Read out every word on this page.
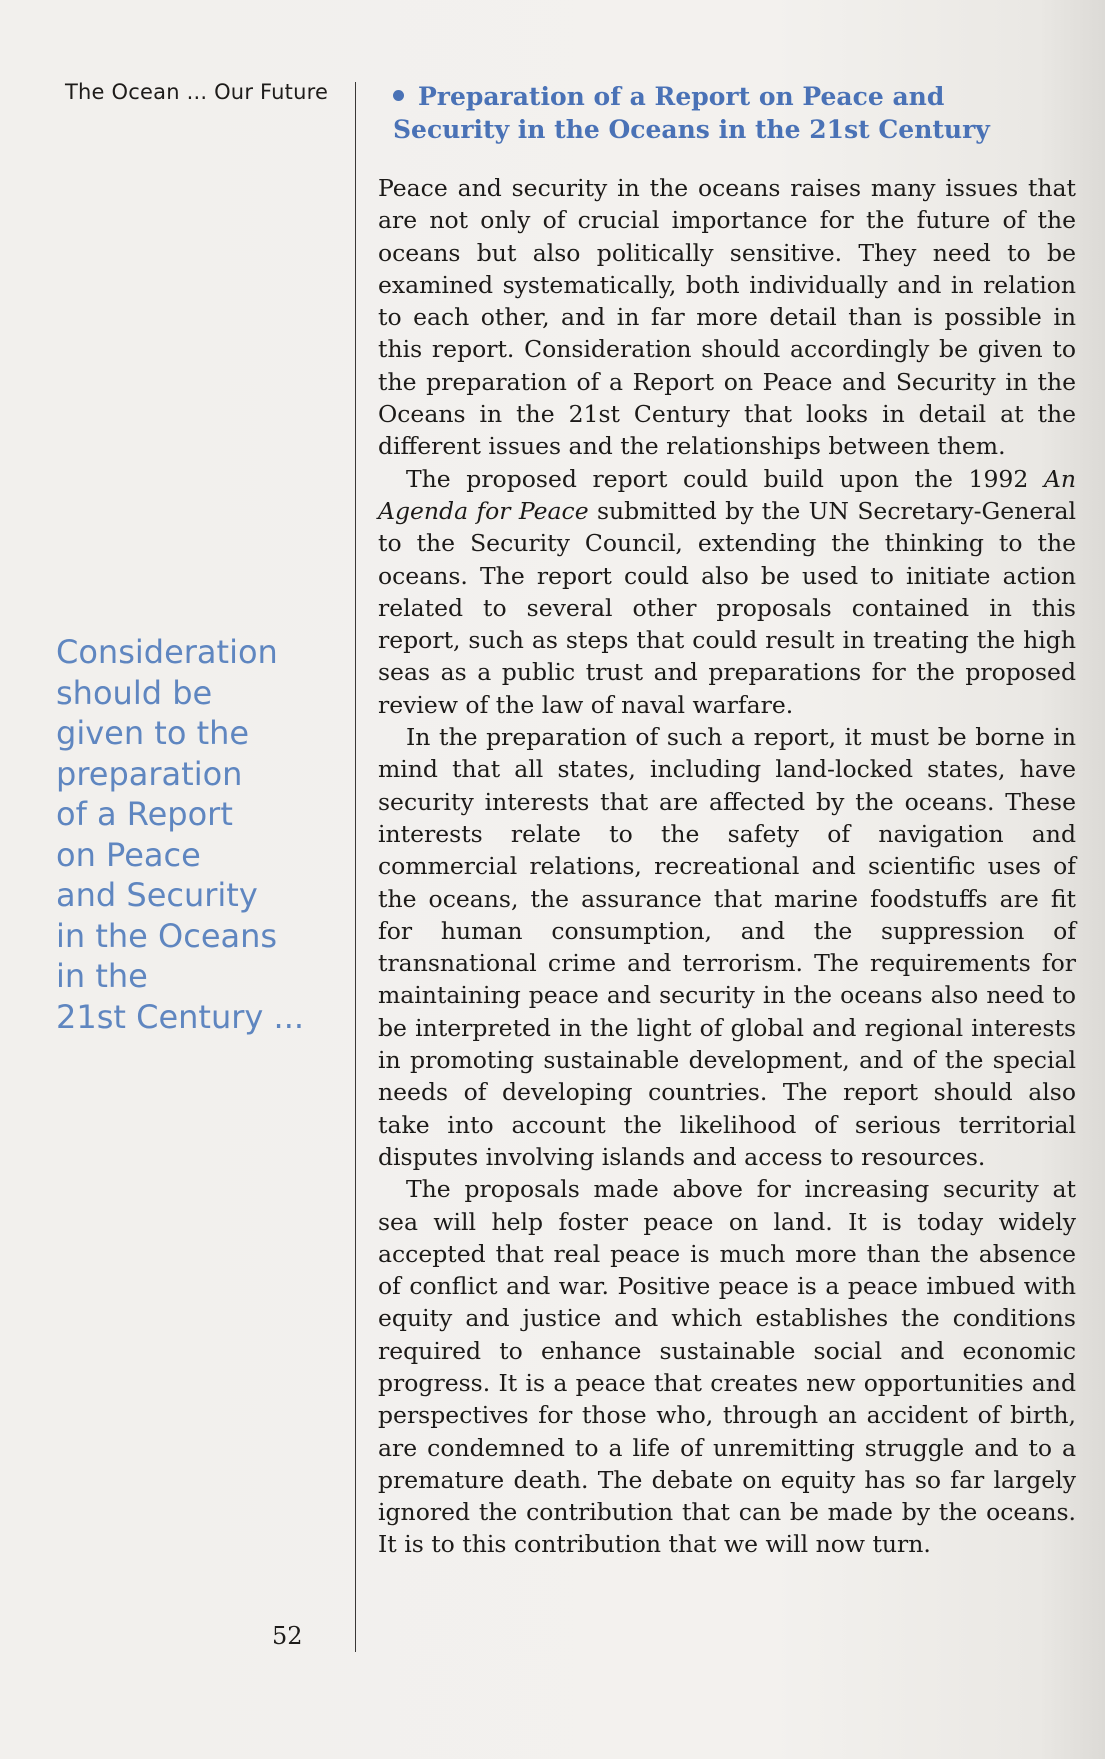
The Ocean ... Our Future
Consideration
should be
given to the
preparation
of a Report
on Peace
and Security
in the Oceans
in the
21st Century ...
52
Preparation of a Report on Peace and
Security in the Oceans in the 21st Century

Peace and security in the oceans raises many issues that are not only of crucial importance for the future of the oceans but also politically sensitive. They need to be examined systematically, both individually and in relation to each other, and in far more detail than is possible in this report. Consideration should accordingly be given to the preparation of a Report on Peace and Security in the Oceans in the 21st Century that looks in detail at the different issues and the relationships between them.

The proposed report could build upon the 1992 An Agenda for Peace submitted by the UN Secretary-General to the Security Council, extending the thinking to the oceans. The report could also be used to initiate action related to several other proposals contained in this report, such as steps that could result in treating the high seas as a public trust and preparations for the proposed review of the law of naval warfare.

In the preparation of such a report, it must be borne in mind that all states, including land-locked states, have security interests that are affected by the oceans. These interests relate to the safety of navigation and commercial relations, recreational and scientific uses of the oceans, the assurance that marine foodstuffs are fit for human consumption, and the suppression of transnational crime and terrorism. The requirements for maintaining peace and security in the oceans also need to be interpreted in the light of global and regional interests in promoting sustainable development, and of the special needs of developing countries. The report should also take into account the likelihood of serious territorial disputes involving islands and access to resources.

The proposals made above for increasing security at sea will help foster peace on land. It is today widely accepted that real peace is much more than the absence of conflict and war. Positive peace is a peace imbued with equity and justice and which establishes the conditions required to enhance sustainable social and economic progress. It is a peace that creates new opportunities and perspectives for those who, through an accident of birth, are condemned to a life of unremitting struggle and to a premature death. The debate on equity has so far largely ignored the contribution that can be made by the oceans. It is to this contribution that we will now turn.
